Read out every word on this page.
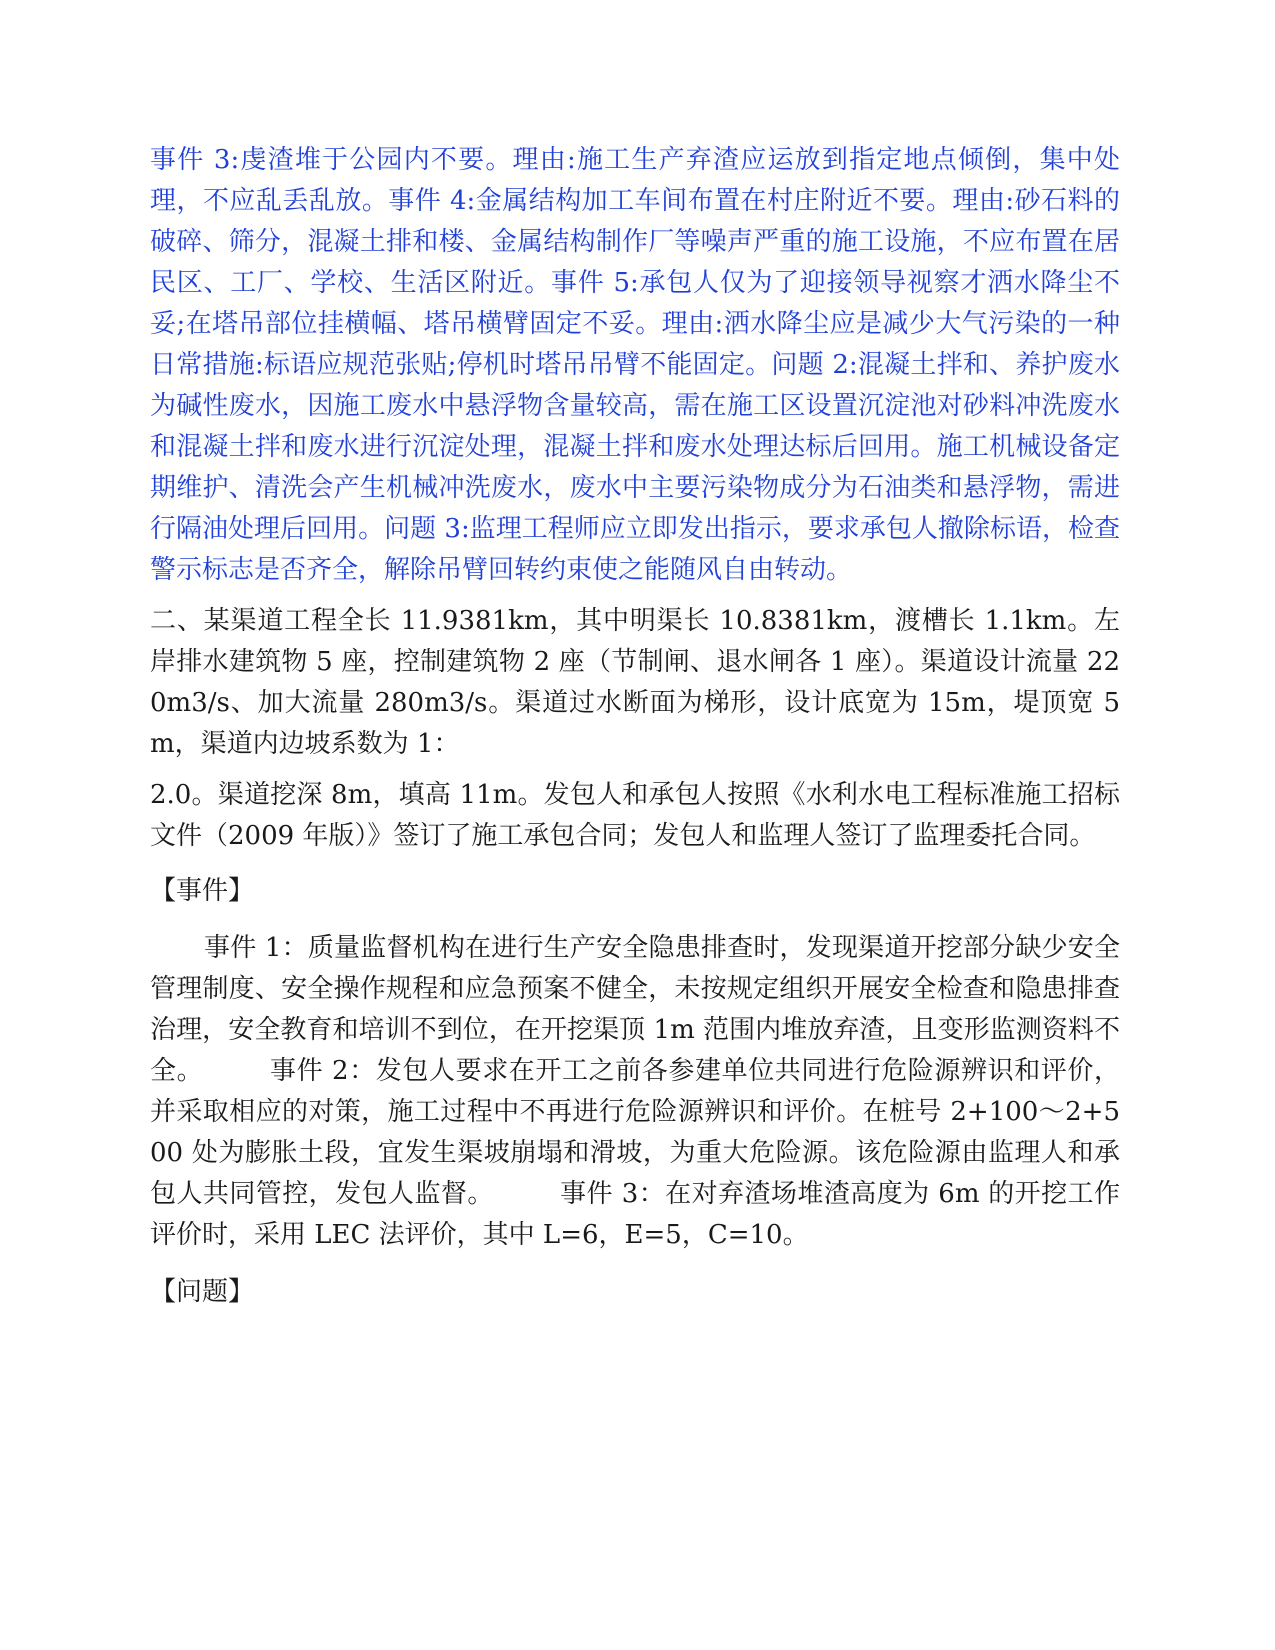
事件 3:虔渣堆于公园内不要。理由:施工生产弃渣应运放到指定地点倾倒，集中处理，不应乱丢乱放。事件 4:金属结构加工车间布置在村庄附近不要。理由:砂石料的破碎、筛分，混凝土排和楼、金属结构制作厂等噪声严重的施工设施，不应布置在居民区、工厂、学校、生活区附近。事件 5:承包人仅为了迎接领导视察才洒水降尘不妥;在塔吊部位挂横幅、塔吊横臂固定不妥。理由:洒水降尘应是减少大气污染的一种日常措施:标语应规范张贴;停机时塔吊吊臂不能固定。问题 2:混凝土拌和、养护废水为碱性废水，因施工废水中悬浮物含量较高，需在施工区设置沉淀池对砂料冲洗废水和混凝土拌和废水进行沉淀处理，混凝土拌和废水处理达标后回用。施工机械设备定期维护、清洗会产生机械冲洗废水，废水中主要污染物成分为石油类和悬浮物，需进行隔油处理后回用。问题 3:监理工程师应立即发出指示，要求承包人撤除标语，检查警示标志是否齐全，解除吊臂回转约束使之能随风自由转动。

二、某渠道工程全长 11.9381km，其中明渠长 10.8381km，渡槽长 1.1km。左岸排水建筑物 5 座，控制建筑物 2 座（节制闸、退水闸各 1 座）。渠道设计流量 220m3/s、加大流量 280m3/s。渠道过水断面为梯形，设计底宽为 15m，堤顶宽 5m，渠道内边坡系数为 1：

2.0。渠道挖深 8m，填高 11m。发包人和承包人按照《水利水电工程标准施工招标文件（2009 年版）》签订了施工承包合同；发包人和监理人签订了监理委托合同。

【事件】

事件 1：质量监督机构在进行生产安全隐患排查时，发现渠道开挖部分缺少安全管理制度、安全操作规程和应急预案不健全，未按规定组织开展安全检查和隐患排查治理，安全教育和培训不到位，在开挖渠顶 1m 范围内堆放弃渣，且变形监测资料不全。　　　事件 2：发包人要求在开工之前各参建单位共同进行危险源辨识和评价，并采取相应的对策，施工过程中不再进行危险源辨识和评价。在桩号 2+100～2+500 处为膨胀土段，宜发生渠坡崩塌和滑坡，为重大危险源。该危险源由监理人和承包人共同管控，发包人监督。　　　事件 3：在对弃渣场堆渣高度为 6m 的开挖工作评价时，采用 LEC 法评价，其中 L=6，E=5，C=10。

【问题】
